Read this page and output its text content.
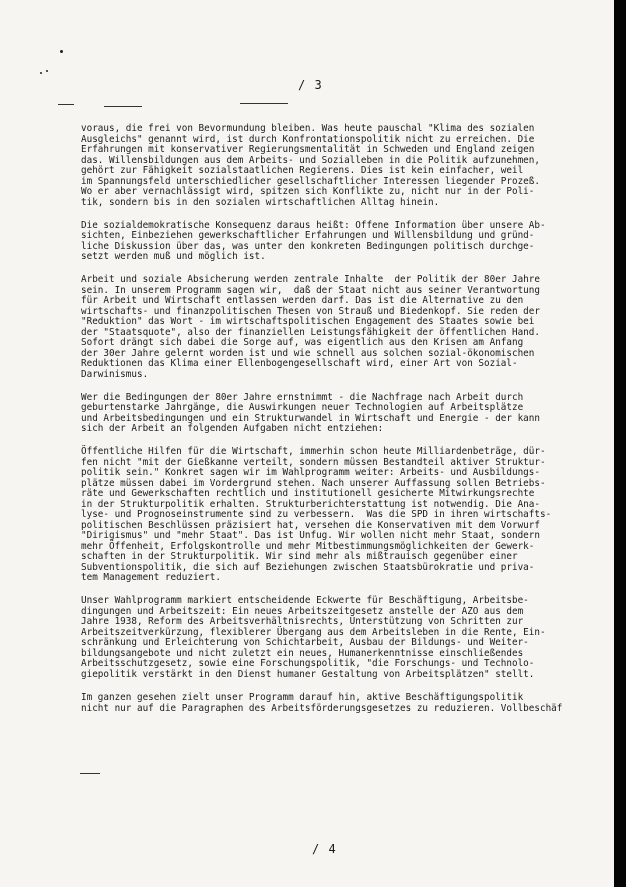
/ 3
voraus, die frei von Bevormundung bleiben. Was heute pauschal "Klima des sozialen
Ausgleichs" genannt wird, ist durch Konfrontationspolitik nicht zu erreichen. Die
Erfahrungen mit konservativer Regierungsmentalität in Schweden und England zeigen
das. Willensbildungen aus dem Arbeits- und Sozialleben in die Politik aufzunehmen,
gehört zur Fähigkeit sozialstaatlichen Regierens. Dies ist kein einfacher, weil
im Spannungsfeld unterschiedlicher gesellschaftlicher Interessen liegender Prozeß.
Wo er aber vernachlässigt wird, spitzen sich Konflikte zu, nicht nur in der Poli-
tik, sondern bis in den sozialen wirtschaftlichen Alltag hinein.
Die sozialdemokratische Konsequenz daraus heißt: Offene Information über unsere Ab-
sichten, Einbeziehen gewerkschaftlicher Erfahrungen und Willensbildung und gründ-
liche Diskussion über das, was unter den konkreten Bedingungen politisch durchge-
setzt werden muß und möglich ist.
Arbeit und soziale Absicherung werden zentrale Inhalte  der Politik der 80er Jahre
sein. In unserem Programm sagen wir,  daß der Staat nicht aus seiner Verantwortung
für Arbeit und Wirtschaft entlassen werden darf. Das ist die Alternative zu den
wirtschafts- und finanzpolitischen Thesen von Strauß und Biedenkopf. Sie reden der
"Reduktion" das Wort - im wirtschaftspolitischen Engagement des Staates sowie bei
der "Staatsquote", also der finanziellen Leistungsfähigkeit der öffentlichen Hand.
Sofort drängt sich dabei die Sorge auf, was eigentlich aus den Krisen am Anfang
der 30er Jahre gelernt worden ist und wie schnell aus solchen sozial-ökonomischen
Reduktionen das Klima einer Ellenbogengesellschaft wird, einer Art von Sozial-
Darwinismus.
Wer die Bedingungen der 80er Jahre ernstnimmt - die Nachfrage nach Arbeit durch
geburtenstarke Jahrgänge, die Auswirkungen neuer Technologien auf Arbeitsplätze
und Arbeitsbedingungen und ein Strukturwandel in Wirtschaft und Energie - der kann
sich der Arbeit an folgenden Aufgaben nicht entziehen:
Öffentliche Hilfen für die Wirtschaft, immerhin schon heute Milliardenbeträge, dür-
fen nicht "mit der Gießkanne verteilt, sondern müssen Bestandteil aktiver Struktur-
politik sein." Konkret sagen wir im Wahlprogramm weiter: Arbeits- und Ausbildungs-
plätze müssen dabei im Vordergrund stehen. Nach unserer Auffassung sollen Betriebs-
räte und Gewerkschaften rechtlich und institutionell gesicherte Mitwirkungsrechte
in der Strukturpolitik erhalten. Strukturberichterstattung ist notwendig. Die Ana-
lyse- und Prognoseinstrumente sind zu verbessern.  Was die SPD in ihren wirtschafts-
politischen Beschlüssen präzisiert hat, versehen die Konservativen mit dem Vorwurf
"Dirigismus" und "mehr Staat". Das ist Unfug. Wir wollen nicht mehr Staat, sondern
mehr Öffenheit, Erfolgskontrolle und mehr Mitbestimmungsmöglichkeiten der Gewerk-
schaften in der Strukturpolitik. Wir sind mehr als mißtrauisch gegenüber einer
Subventionspolitik, die sich auf Beziehungen zwischen Staatsbürokratie und priva-
tem Management reduziert.
Unser Wahlprogramm markiert entscheidende Eckwerte für Beschäftigung, Arbeitsbe-
dingungen und Arbeitszeit: Ein neues Arbeitszeitgesetz anstelle der AZO aus dem
Jahre 1938, Reform des Arbeitsverhältnisrechts, Unterstützung von Schritten zur
Arbeitszeitverkürzung, flexiblerer Übergang aus dem Arbeitsleben in die Rente, Ein-
schränkung und Erleichterung von Schichtarbeit, Ausbau der Bildungs- und Weiter-
bildungsangebote und nicht zuletzt ein neues, Humanerkenntnisse einschließendes
Arbeitsschutzgesetz, sowie eine Forschungspolitik, "die Forschungs- und Technolo-
giepolitik verstärkt in den Dienst humaner Gestaltung von Arbeitsplätzen" stellt.
Im ganzen gesehen zielt unser Programm darauf hin, aktive Beschäftigungspolitik
nicht nur auf die Paragraphen des Arbeitsförderungsgesetzes zu reduzieren. Vollbeschäf
/ 4
